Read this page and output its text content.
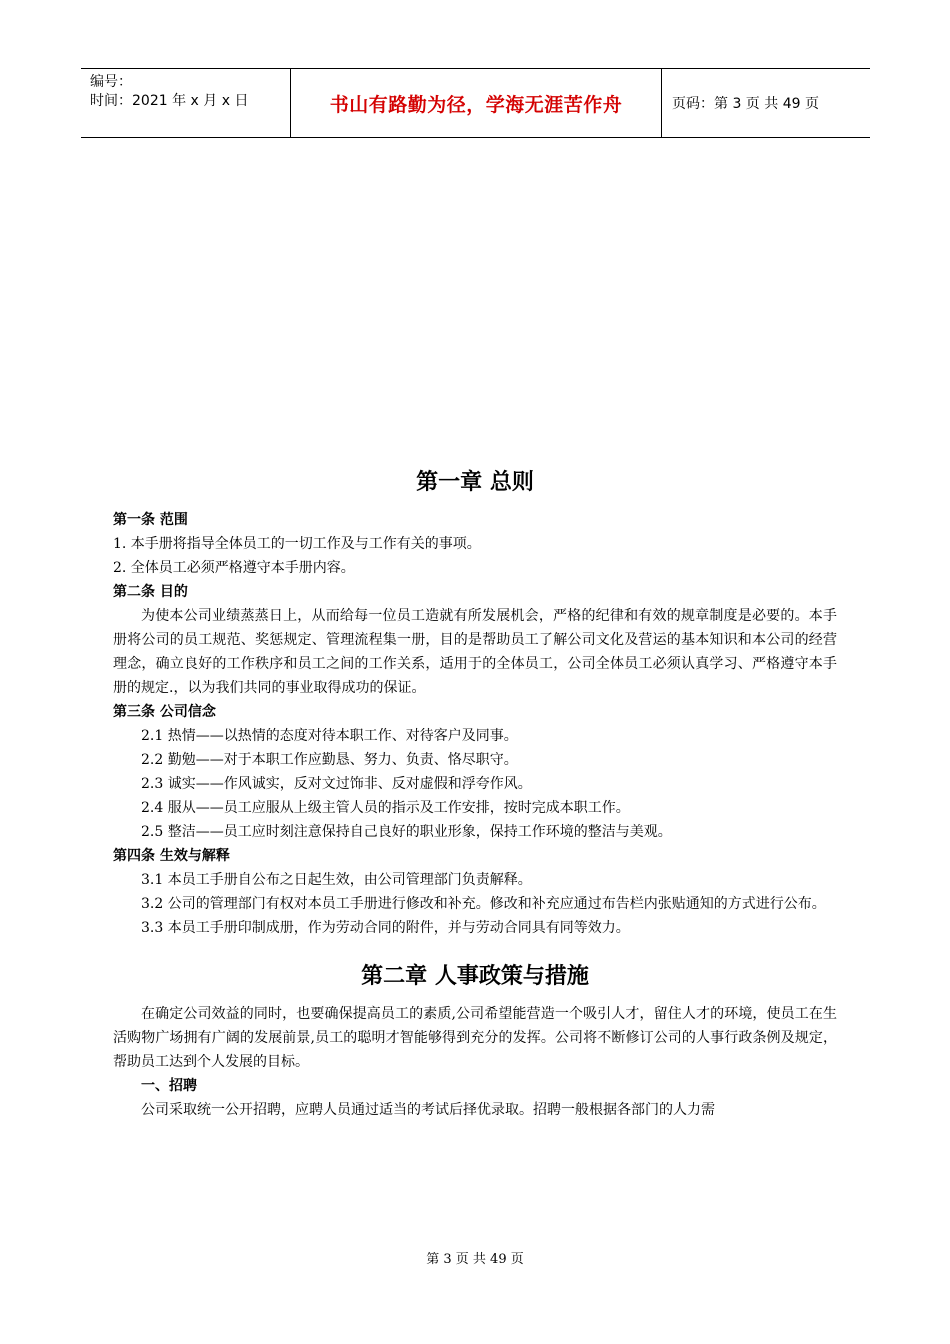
编号：
时间：2021 年 x 月 x 日	书山有路勤为径，学海无涯苦作舟	页码：第 3 页 共 49 页
第一章 总则

第一条 范围

1. 本手册将指导全体员工的一切工作及与工作有关的事项。

2. 全体员工必须严格遵守本手册内容。

第二条 目的

为使本公司业绩蒸蒸日上，从而给每一位员工造就有所发展机会，严格的纪律和有效的规章制度是必要的。本手册将公司的员工规范、奖惩规定、管理流程集一册，目的是帮助员工了解公司文化及营运的基本知识和本公司的经营理念，确立良好的工作秩序和员工之间的工作关系，适用于的全体员工，公司全体员工必须认真学习、严格遵守本手册的规定.，以为我们共同的事业取得成功的保证。

第三条 公司信念

2.1 热情——以热情的态度对待本职工作、对待客户及同事。

2.2 勤勉——对于本职工作应勤恳、努力、负责、恪尽职守。

2.3 诚实——作风诚实，反对文过饰非、反对虚假和浮夸作风。

2.4 服从——员工应服从上级主管人员的指示及工作安排，按时完成本职工作。

2.5 整洁——员工应时刻注意保持自己良好的职业形象，保持工作环境的整洁与美观。

第四条 生效与解释

3.1 本员工手册自公布之日起生效，由公司管理部门负责解释。

3.2 公司的管理部门有权对本员工手册进行修改和补充。修改和补充应通过布告栏内张贴通知的方式进行公布。

3.3 本员工手册印制成册，作为劳动合同的附件，并与劳动合同具有同等效力。

第二章 人事政策与措施

在确定公司效益的同时，也要确保提高员工的素质,公司希望能营造一个吸引人才，留住人才的环境，使员工在生活购物广场拥有广阔的发展前景,员工的聪明才智能够得到充分的发挥。公司将不断修订公司的人事行政条例及规定，帮助员工达到个人发展的目标。

一、招聘

公司采取统一公开招聘，应聘人员通过适当的考试后择优录取。招聘一般根据各部门的人力需

第 3 页 共 49 页
